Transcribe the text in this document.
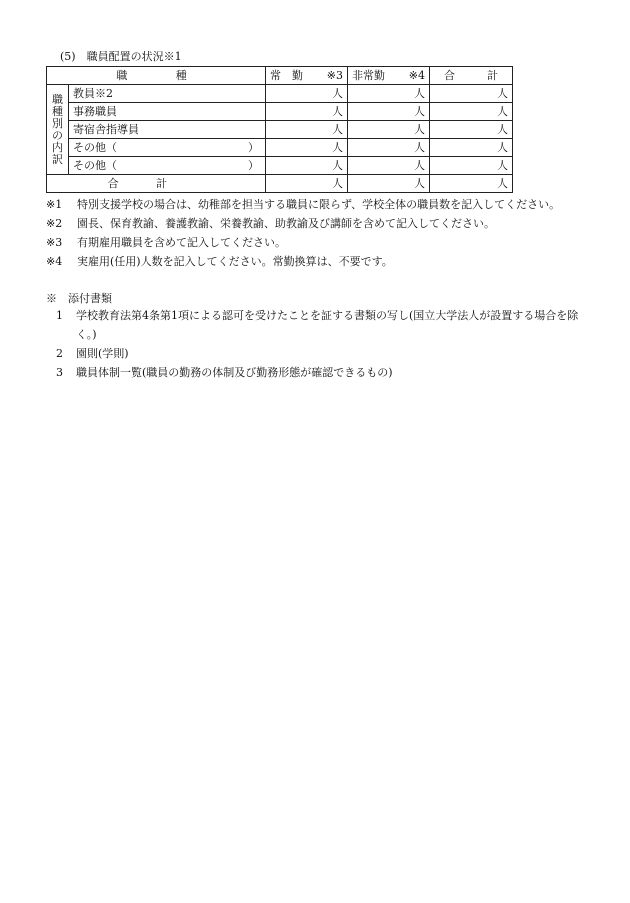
(5)　職員配置の状況※1
職　　種		常　勤 ※3	非常勤 ※4	合 計

職種別の内訳	教員※2	人	人	人
	事務職員	人	人	人
	寄宿舎指導員	人	人	人

	その他（ ）	人	人	人

	その他（ ）	人	人	人
合計		人	人	人
※1	特別支援学校の場合は、幼稚部を担当する職員に限らず、学校全体の職員数を記入してください。
※2	園長、保育教諭、養護教諭、栄養教諭、助教諭及び講師を含めて記入してください。
※3	有期雇用職員を含めて記入してください。
※4	実雇用(任用)人数を記入してください。常勤換算は、不要です。
※　添付書類
1	学校教育法第4条第1項による認可を受けたことを証する書類の写し(国立大学法人が設置する場合を除く。)
2	園則(学則)
3	職員体制一覧(職員の勤務の体制及び勤務形態が確認できるもの)
